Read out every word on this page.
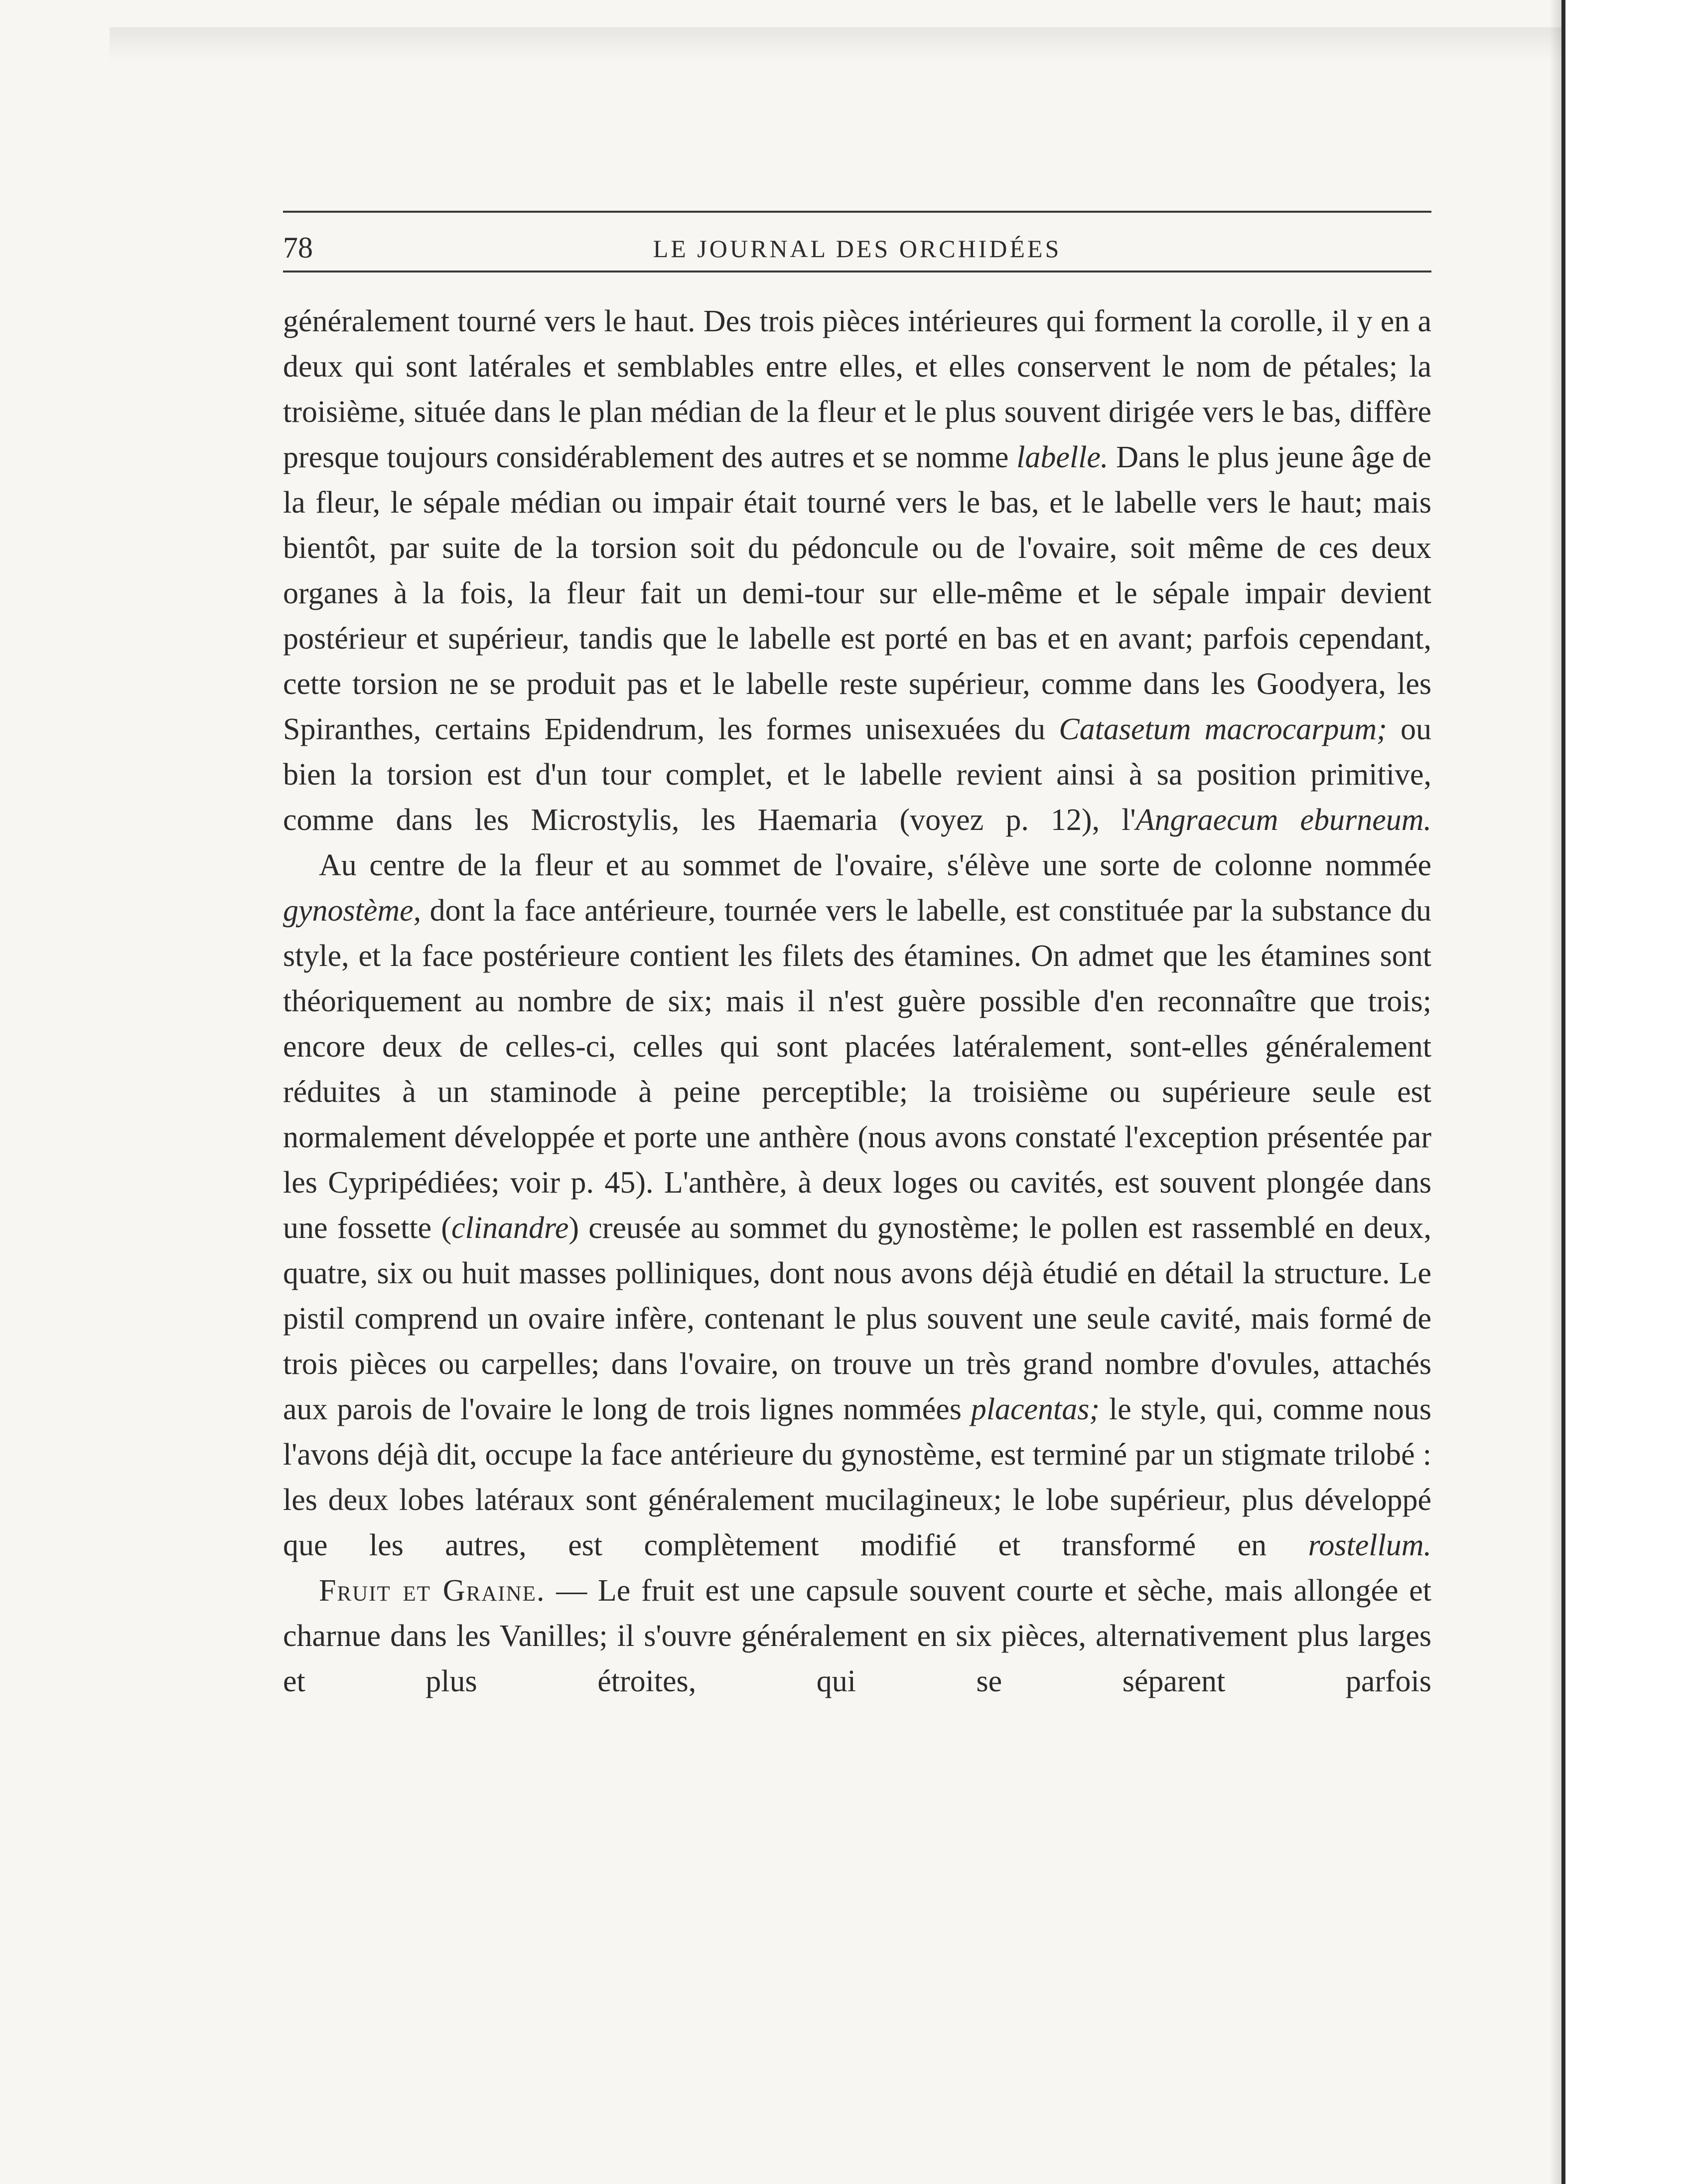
78	LE JOURNAL DES ORCHIDÉES

généralement tourné vers le haut. Des trois pièces intérieures qui forment la corolle, il y en a deux qui sont latérales et semblables entre elles, et elles conservent le nom de pétales; la troisième, située dans le plan médian de la fleur et le plus souvent dirigée vers le bas, diffère presque toujours considérablement des autres et se nomme labelle. Dans le plus jeune âge de la fleur, le sépale médian ou impair était tourné vers le bas, et le labelle vers le haut; mais bientôt, par suite de la torsion soit du pédoncule ou de l'ovaire, soit même de ces deux organes à la fois, la fleur fait un demi-tour sur elle-même et le sépale impair devient postérieur et supérieur, tandis que le labelle est porté en bas et en avant; parfois cependant, cette torsion ne se produit pas et le labelle reste supérieur, comme dans les Goodyera, les Spiranthes, certains Epidendrum, les formes unisexuées du Catasetum macrocarpum; ou bien la torsion est d'un tour complet, et le labelle revient ainsi à sa position primitive, comme dans les Microstylis, les Haemaria (voyez p. 12), l'Angraecum eburneum.

Au centre de la fleur et au sommet de l'ovaire, s'élève une sorte de colonne nommée gynostème, dont la face antérieure, tournée vers le labelle, est constituée par la substance du style, et la face postérieure contient les filets des étamines. On admet que les étamines sont théoriquement au nombre de six; mais il n'est guère possible d'en reconnaître que trois; encore deux de celles-ci, celles qui sont placées latéralement, sont-elles généralement réduites à un staminode à peine perceptible; la troisième ou supérieure seule est normalement développée et porte une anthère (nous avons constaté l'exception présentée par les Cypripédiées; voir p. 45). L'anthère, à deux loges ou cavités, est souvent plongée dans une fossette (clinandre) creusée au sommet du gynostème; le pollen est rassemblé en deux, quatre, six ou huit masses polliniques, dont nous avons déjà étudié en détail la structure. Le pistil comprend un ovaire infère, contenant le plus souvent une seule cavité, mais formé de trois pièces ou carpelles; dans l'ovaire, on trouve un très grand nombre d'ovules, attachés aux parois de l'ovaire le long de trois lignes nommées placentas; le style, qui, comme nous l'avons déjà dit, occupe la face antérieure du gynostème, est terminé par un stigmate trilobé : les deux lobes latéraux sont généralement mucilagineux; le lobe supérieur, plus développé que les autres, est complètement modifié et transformé en rostellum.

Fruit et Graine. — Le fruit est une capsule souvent courte et sèche, mais allongée et charnue dans les Vanilles; il s'ouvre généralement en six pièces, alternativement plus larges et plus étroites, qui se séparent parfois
